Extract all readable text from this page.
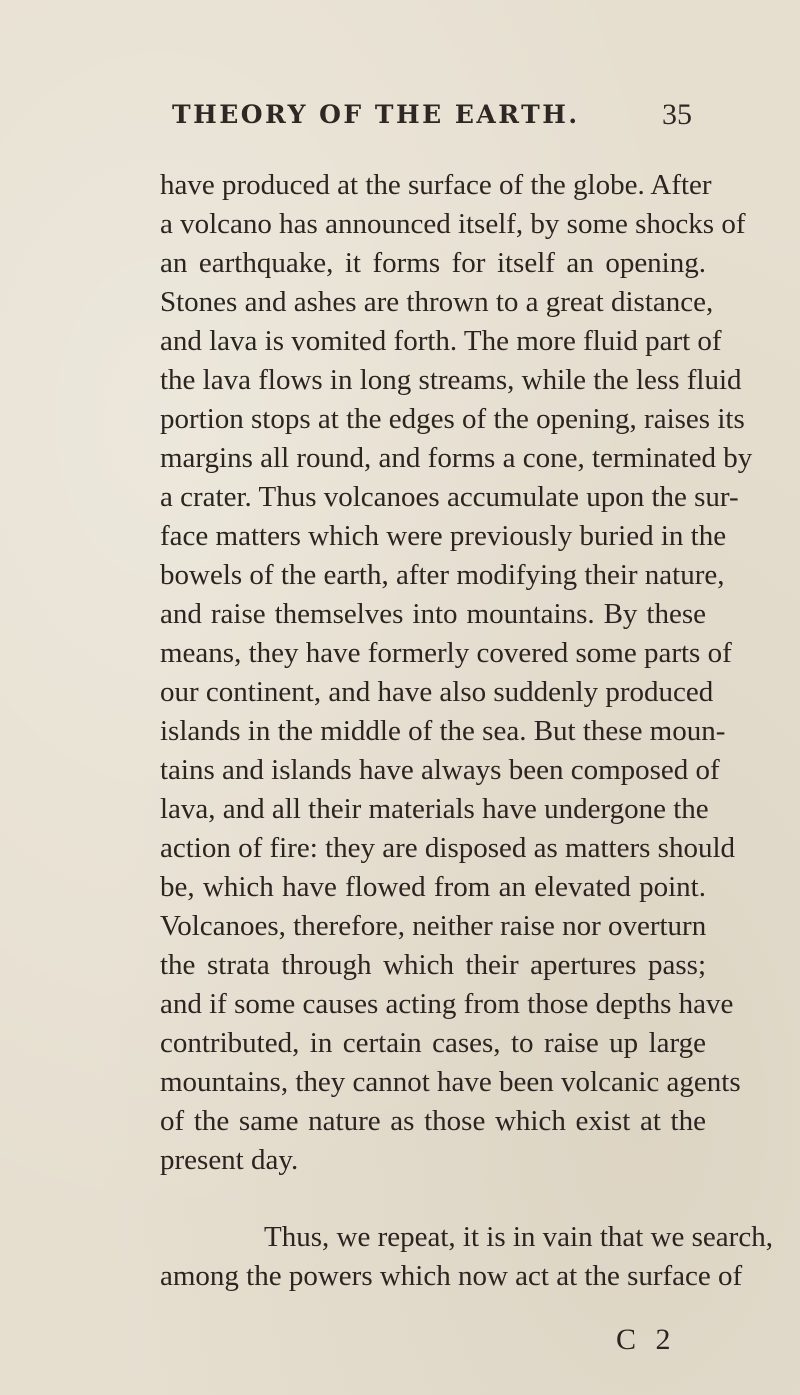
THEORY OF THE EARTH.	35
have produced at the surface of the globe. After
a volcano has announced itself, by some shocks of
an earthquake, it forms for itself an opening.
Stones and ashes are thrown to a great distance,
and lava is vomited forth. The more fluid part of
the lava flows in long streams, while the less fluid
portion stops at the edges of the opening, raises its
margins all round, and forms a cone, terminated by
a crater. Thus volcanoes accumulate upon the sur-
face matters which were previously buried in the
bowels of the earth, after modifying their nature,
and raise themselves into mountains. By these
means, they have formerly covered some parts of
our continent, and have also suddenly produced
islands in the middle of the sea. But these moun-
tains and islands have always been composed of
lava, and all their materials have undergone the
action of fire: they are disposed as matters should
be, which have flowed from an elevated point.
Volcanoes, therefore, neither raise nor overturn
the strata through which their apertures pass;
and if some causes acting from those depths have
contributed, in certain cases, to raise up large
mountains, they cannot have been volcanic agents
of the same nature as those which exist at the
present day.
Thus, we repeat, it is in vain that we search,
among the powers which now act at the surface of
C 2
